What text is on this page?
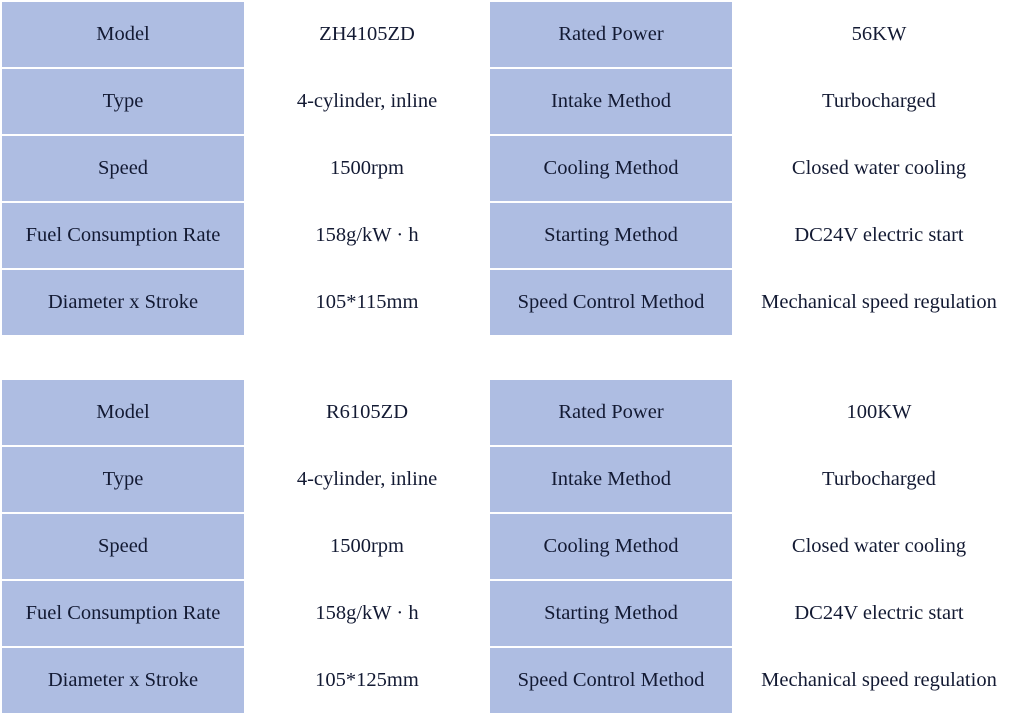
Model	ZH4105ZD	Rated Power	56KW
Type	4-cylinder, inline	Intake Method	Turbocharged
Speed	1500rpm	Cooling Method	Closed water cooling
Fuel Consumption Rate	158g/kW · h	Starting Method	DC24V electric start
Diameter x Stroke	105*115mm	Speed Control Method	Mechanical speed regulation

Model	R6105ZD	Rated Power	100KW
Type	4-cylinder, inline	Intake Method	Turbocharged
Speed	1500rpm	Cooling Method	Closed water cooling
Fuel Consumption Rate	158g/kW · h	Starting Method	DC24V electric start
Diameter x Stroke	105*125mm	Speed Control Method	Mechanical speed regulation
